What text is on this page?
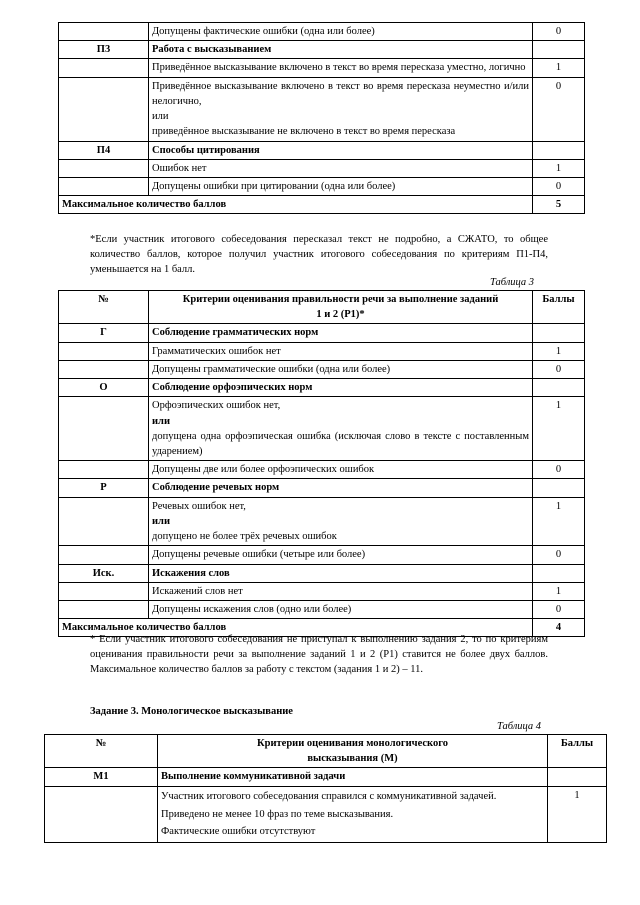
	Допущены фактические ошибки (одна или более)	0
П3	Работа с высказыванием	
	Приведённое высказывание включено в текст во время пересказа уместно, логично	1

	Приведённое высказывание включено в текст во время пересказа неуместно и/или нелогично,
или
приведённое высказывание не включено в текст во время пересказа	0
П4	Способы цитирования	
	Ошибок нет	1
	Допущены ошибки при цитировании (одна или более)	0
Максимальное количество баллов		5
*Если участник итогового собеседования пересказал текст не подробно, а СЖАТО, то общее количество баллов, которое получил участник итогового собеседования по критериям П1-П4, уменьшается на 1 балл.
Таблица 3
№	Критерии оценивания правильности речи за выполнение заданий
1 и 2 (Р1)*	Баллы
Г	Соблюдение грамматических норм	
	Грамматических ошибок нет	1
	Допущены грамматические ошибки (одна или более)	0
О	Соблюдение орфоэпических норм	

	Орфоэпических ошибок нет,
или
допущена одна орфоэпическая ошибка (исключая слово в тексте с поставленным ударением)	1
	Допущены две или более орфоэпических ошибок	0
Р	Соблюдение речевых норм	

	Речевых ошибок нет,
или
допущено не более трёх речевых ошибок	1
	Допущены речевые ошибки (четыре или более)	0
Иск.	Искажения слов	
	Искажений слов нет	1
	Допущены искажения слов (одно или более)	0
Максимальное количество баллов		4
* Если участник итогового собеседования не приступал к выполнению задания 2, то по критериям оценивания правильности речи за выполнение заданий 1 и 2 (Р1) ставится не более двух баллов. Максимальное количество баллов за работу с текстом (задания 1 и 2) – 11.
Задание 3. Монологическое высказывание
Таблица 4
№	Критерии оценивания монологического
высказывания (М)	Баллы
М1	Выполнение коммуникативной задачи	

	Участник итогового собеседования справился с коммуникативной задачей.
Приведено не менее 10 фраз по теме высказывания.
Фактические ошибки отсутствуют	1
